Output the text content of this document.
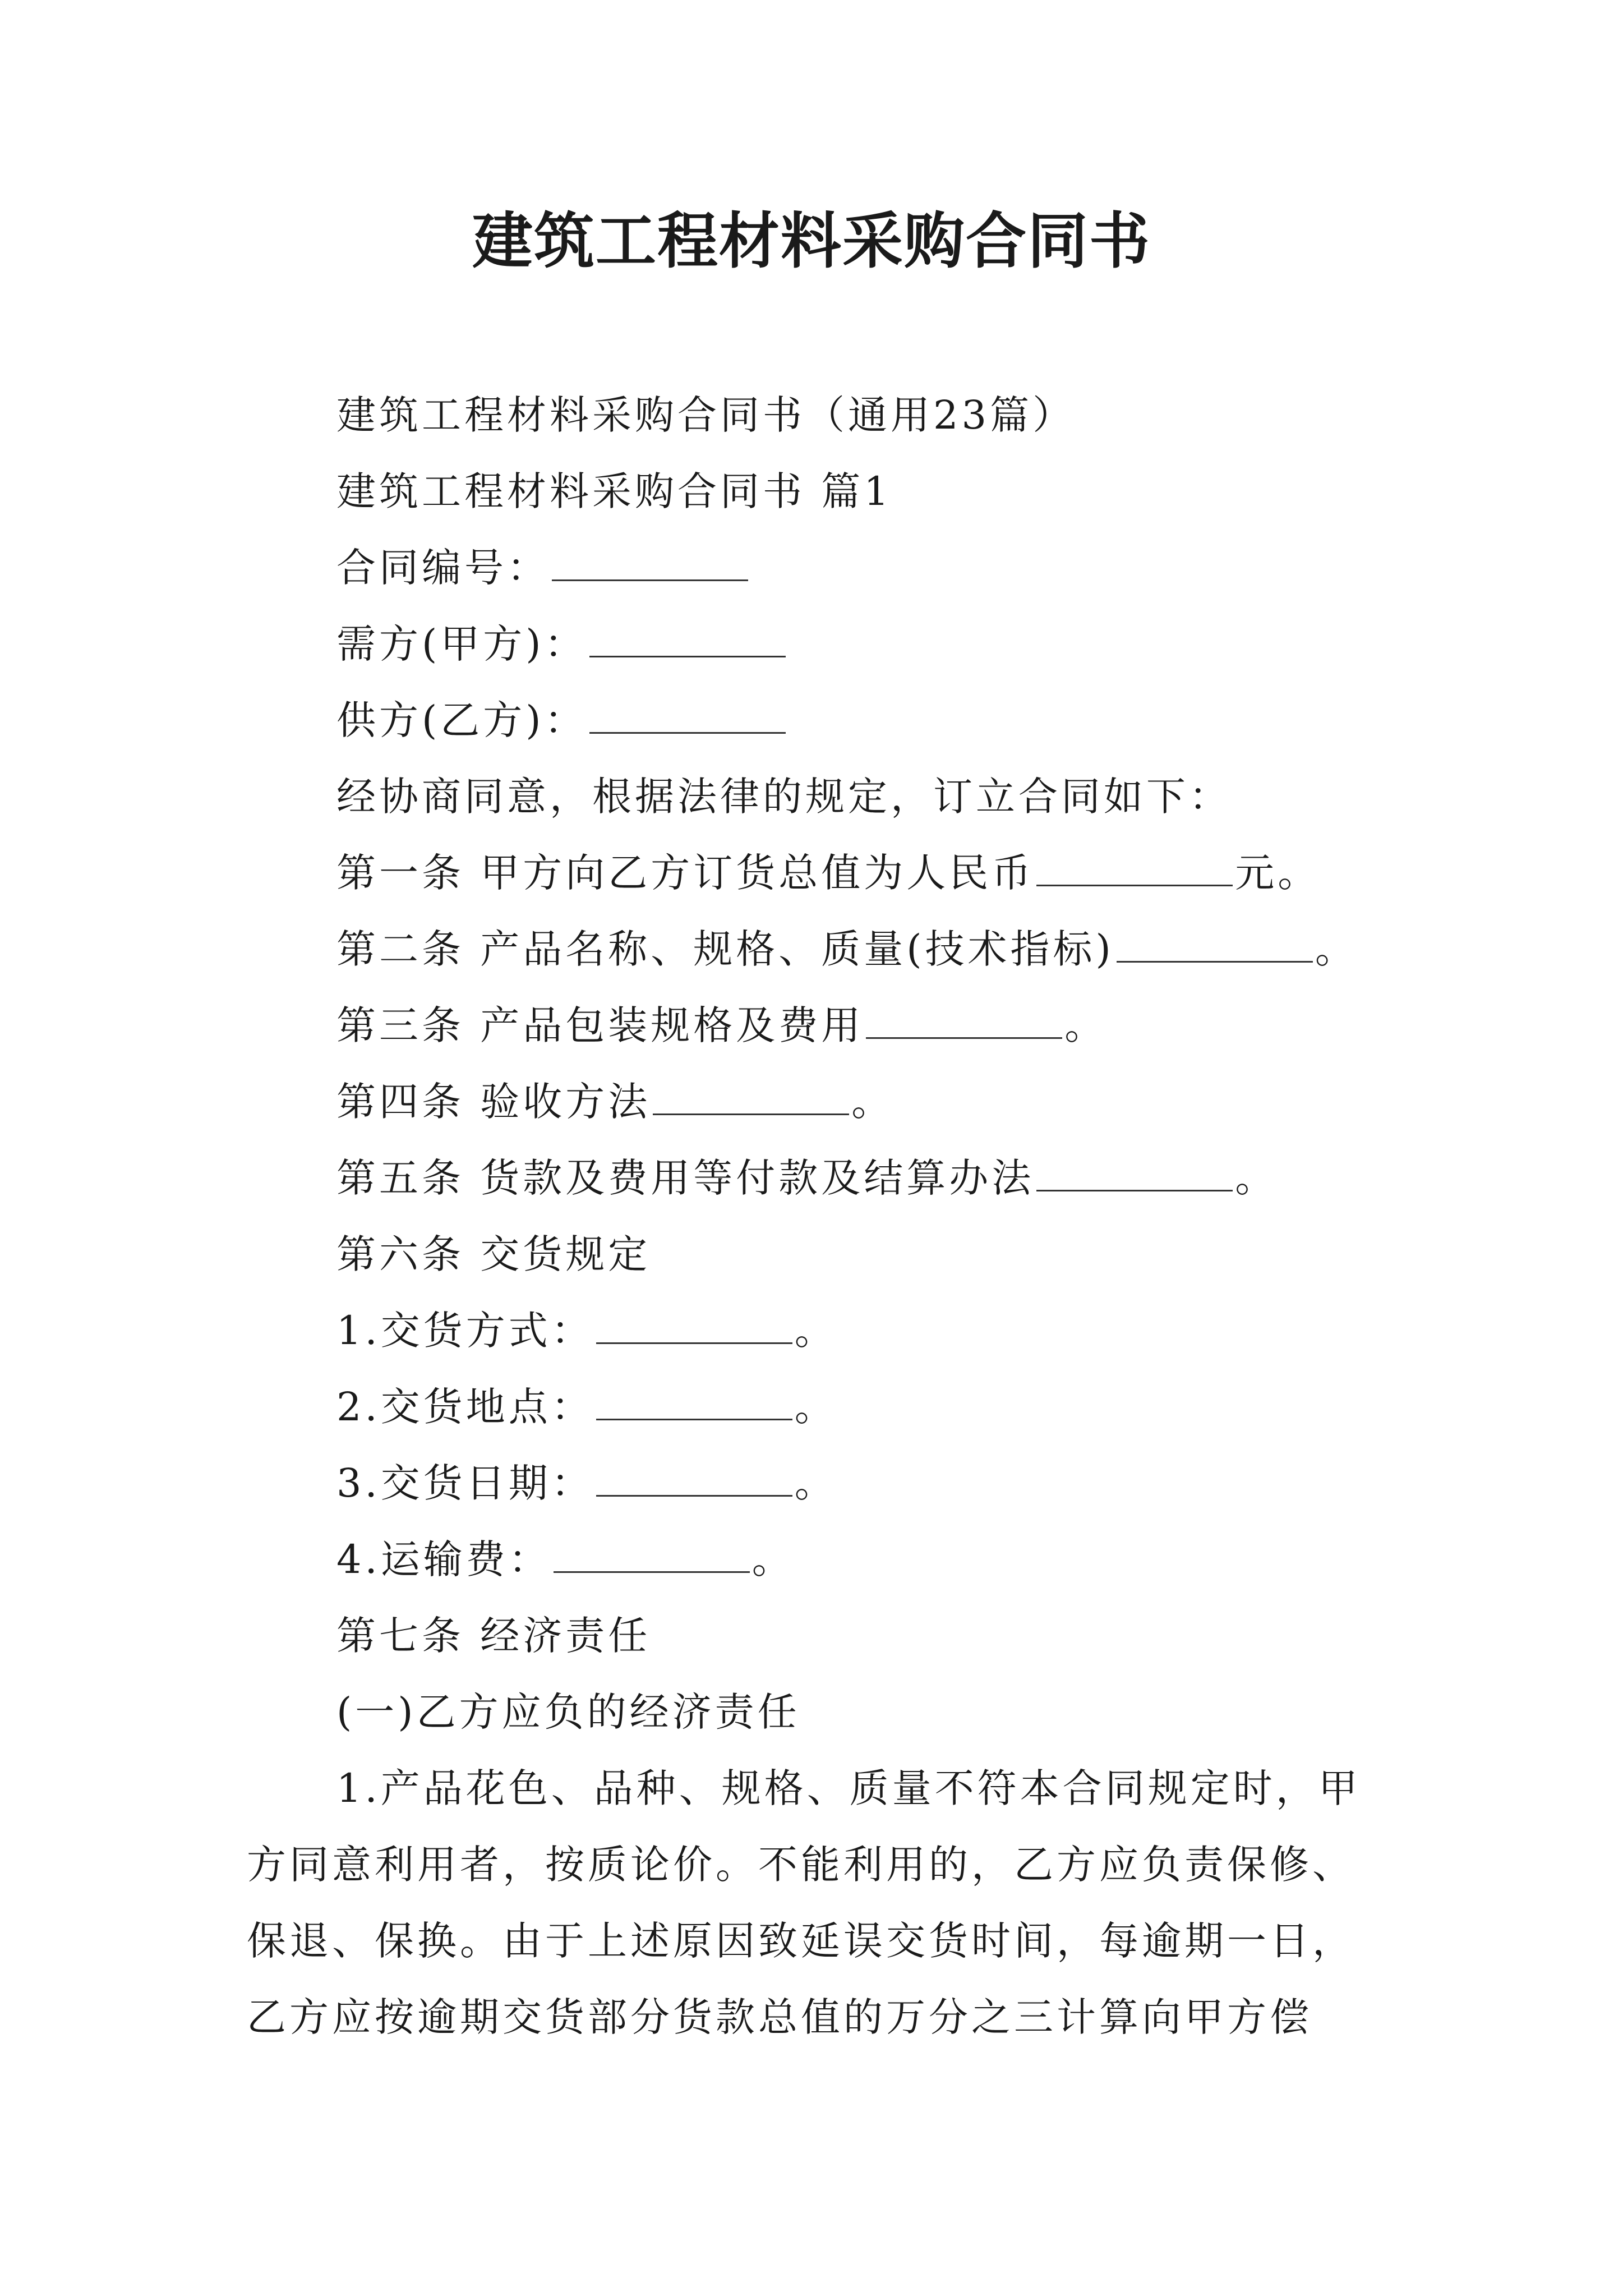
建筑工程材料采购合同书
建筑工程材料采购合同书（通用23篇）
建筑工程材料采购合同书 篇1
合同编号：
需方(甲方)：
供方(乙方)：
经协商同意，根据法律的规定，订立合同如下：
第一条 甲方向乙方订货总值为人民币	元。
第二条 产品名称、规格、质量(技术指标)	。
第三条 产品包装规格及费用	。
第四条 验收方法	。
第五条 货款及费用等付款及结算办法	。
第六条 交货规定
1.交货方式：	。
2.交货地点：	。
3.交货日期：	。
4.运输费：	。
第七条 经济责任
(一)乙方应负的经济责任
1.产品花色、品种、规格、质量不符本合同规定时，甲
方同意利用者，按质论价。不能利用的，乙方应负责保修、
保退、保换。由于上述原因致延误交货时间，每逾期一日，
乙方应按逾期交货部分货款总值的万分之三计算向甲方偿
